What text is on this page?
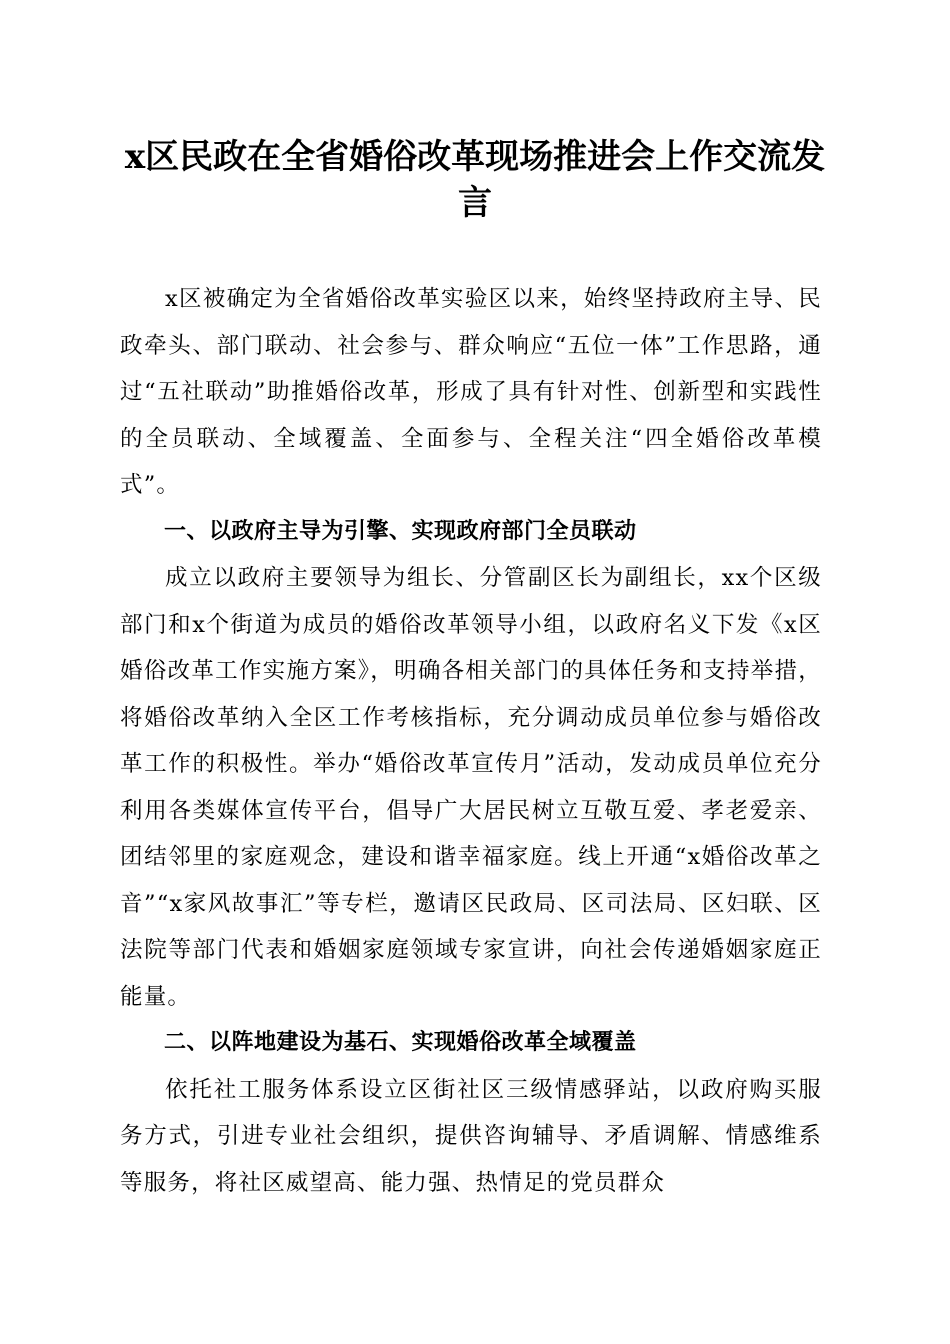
x区民政在全省婚俗改革现场推进会上作交流发言

x区被确定为全省婚俗改革实验区以来，始终坚持政府主导、民政牵头、部门联动、社会参与、群众响应“五位一体”工作思路，通过“五社联动”助推婚俗改革，形成了具有针对性、创新型和实践性的全员联动、全域覆盖、全面参与、全程关注“四全婚俗改革模式”。

一、以政府主导为引擎、实现政府部门全员联动

成立以政府主要领导为组长、分管副区长为副组长，xx个区级部门和x个街道为成员的婚俗改革领导小组，以政府名义下发《x区婚俗改革工作实施方案》，明确各相关部门的具体任务和支持举措，将婚俗改革纳入全区工作考核指标，充分调动成员单位参与婚俗改革工作的积极性。举办“婚俗改革宣传月”活动，发动成员单位充分利用各类媒体宣传平台，倡导广大居民树立互敬互爱、孝老爱亲、团结邻里的家庭观念，建设和谐幸福家庭。线上开通“x婚俗改革之音”“x家风故事汇”等专栏，邀请区民政局、区司法局、区妇联、区法院等部门代表和婚姻家庭领域专家宣讲，向社会传递婚姻家庭正能量。

二、以阵地建设为基石、实现婚俗改革全域覆盖

依托社工服务体系设立区街社区三级情感驿站，以政府购买服务方式，引进专业社会组织，提供咨询辅导、矛盾调解、情感维系等服务，将社区威望高、能力强、热情足的党员群众
